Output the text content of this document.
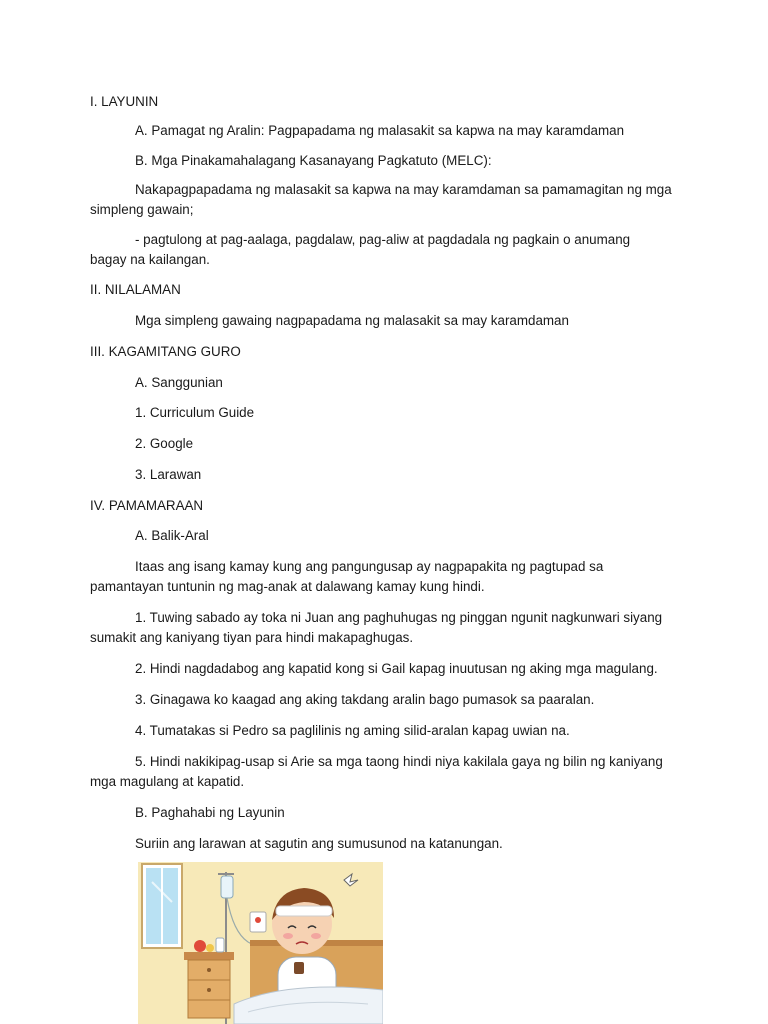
I. LAYUNIN

A. Pamagat ng Aralin: Pagpapadama ng malasakit sa kapwa na may karamdaman

B. Mga Pinakamahalagang Kasanayang Pagkatuto (MELC):

Nakapagpapadama ng malasakit sa kapwa na may karamdaman sa pamamagitan ng mga

simpleng gawain;

- pagtulong at pag-aalaga, pagdalaw, pag-aliw at pagdadala ng pagkain o anumang

bagay na kailangan.

II. NILALAMAN

Mga simpleng gawaing nagpapadama ng malasakit sa may karamdaman

III. KAGAMITANG GURO

A. Sanggunian

1. Curriculum Guide

2. Google

3. Larawan

IV. PAMAMARAAN

A. Balik-Aral

Itaas ang isang kamay kung ang pangungusap ay nagpapakita ng pagtupad sa

pamantayan tuntunin ng mag-anak at dalawang kamay kung hindi.

1. Tuwing sabado ay toka ni Juan ang paghuhugas ng pinggan ngunit nagkunwari siyang

sumakit ang kaniyang tiyan para hindi makapaghugas.

2. Hindi nagdadabog ang kapatid kong si Gail kapag inuutusan ng aking mga magulang.

3. Ginagawa ko kaagad ang aking takdang aralin bago pumasok sa paaralan.

4. Tumatakas si Pedro sa paglilinis ng aming silid-aralan kapag uwian na.

5. Hindi nakikipag-usap si Arie sa mga taong hindi niya kakilala gaya ng bilin ng kaniyang

mga magulang at kapatid.

B. Paghahabi ng Layunin

Suriin ang larawan at sagutin ang sumusunod na katanungan.
